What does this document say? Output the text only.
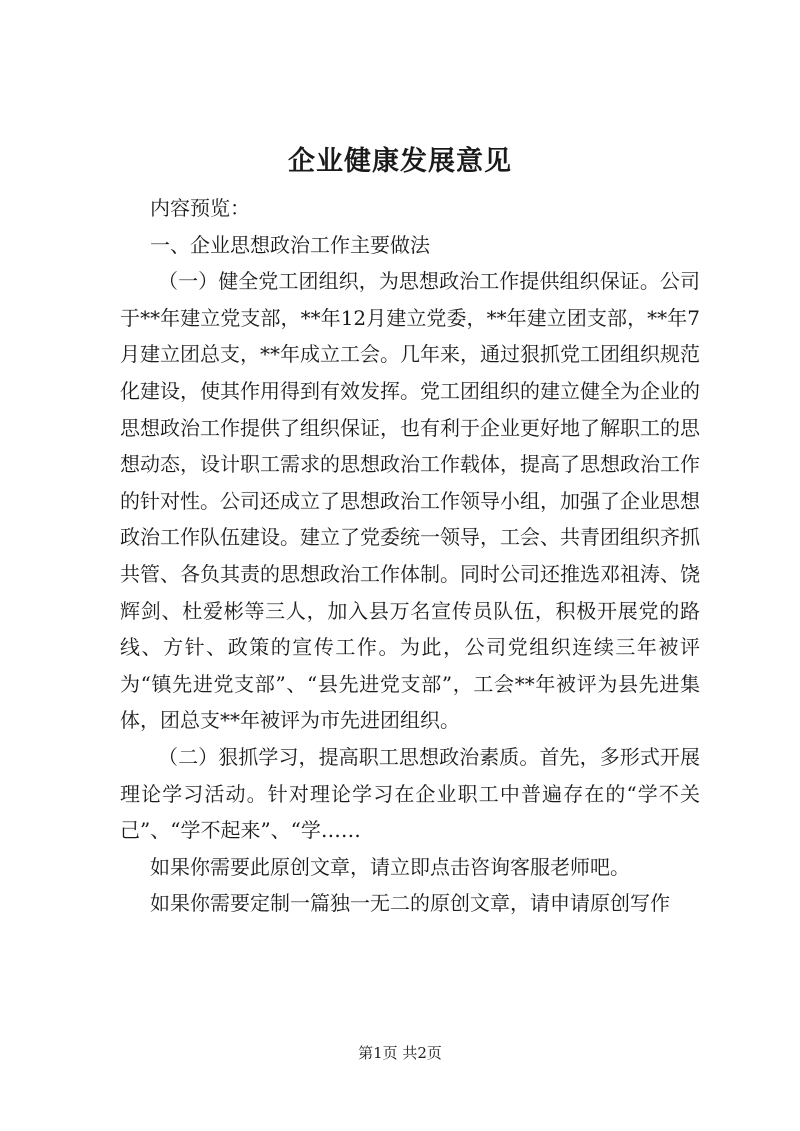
企业健康发展意见

内容预览：

一、企业思想政治工作主要做法

（一）健全党工团组织，为思想政治工作提供组织保证。公司于**年建立党支部，**年12月建立党委，**年建立团支部，**年7月建立团总支，**年成立工会。几年来，通过狠抓党工团组织规范化建设，使其作用得到有效发挥。党工团组织的建立健全为企业的思想政治工作提供了组织保证，也有利于企业更好地了解职工的思想动态，设计职工需求的思想政治工作载体，提高了思想政治工作的针对性。公司还成立了思想政治工作领导小组，加强了企业思想政治工作队伍建设。建立了党委统一领导，工会、共青团组织齐抓共管、各负其责的思想政治工作体制。同时公司还推选邓祖涛、饶辉剑、杜爱彬等三人，加入县万名宣传员队伍，积极开展党的路线、方针、政策的宣传工作。为此，公司党组织连续三年被评为“镇先进党支部”、“县先进党支部”，工会**年被评为县先进集体，团总支**年被评为市先进团组织。

（二）狠抓学习，提高职工思想政治素质。首先，多形式开展理论学习活动。针对理论学习在企业职工中普遍存在的“学不关己”、“学不起来”、“学……

如果你需要此原创文章，请立即点击咨询客服老师吧。

如果你需要定制一篇独一无二的原创文章，请申请原创写作

第1页 共2页
